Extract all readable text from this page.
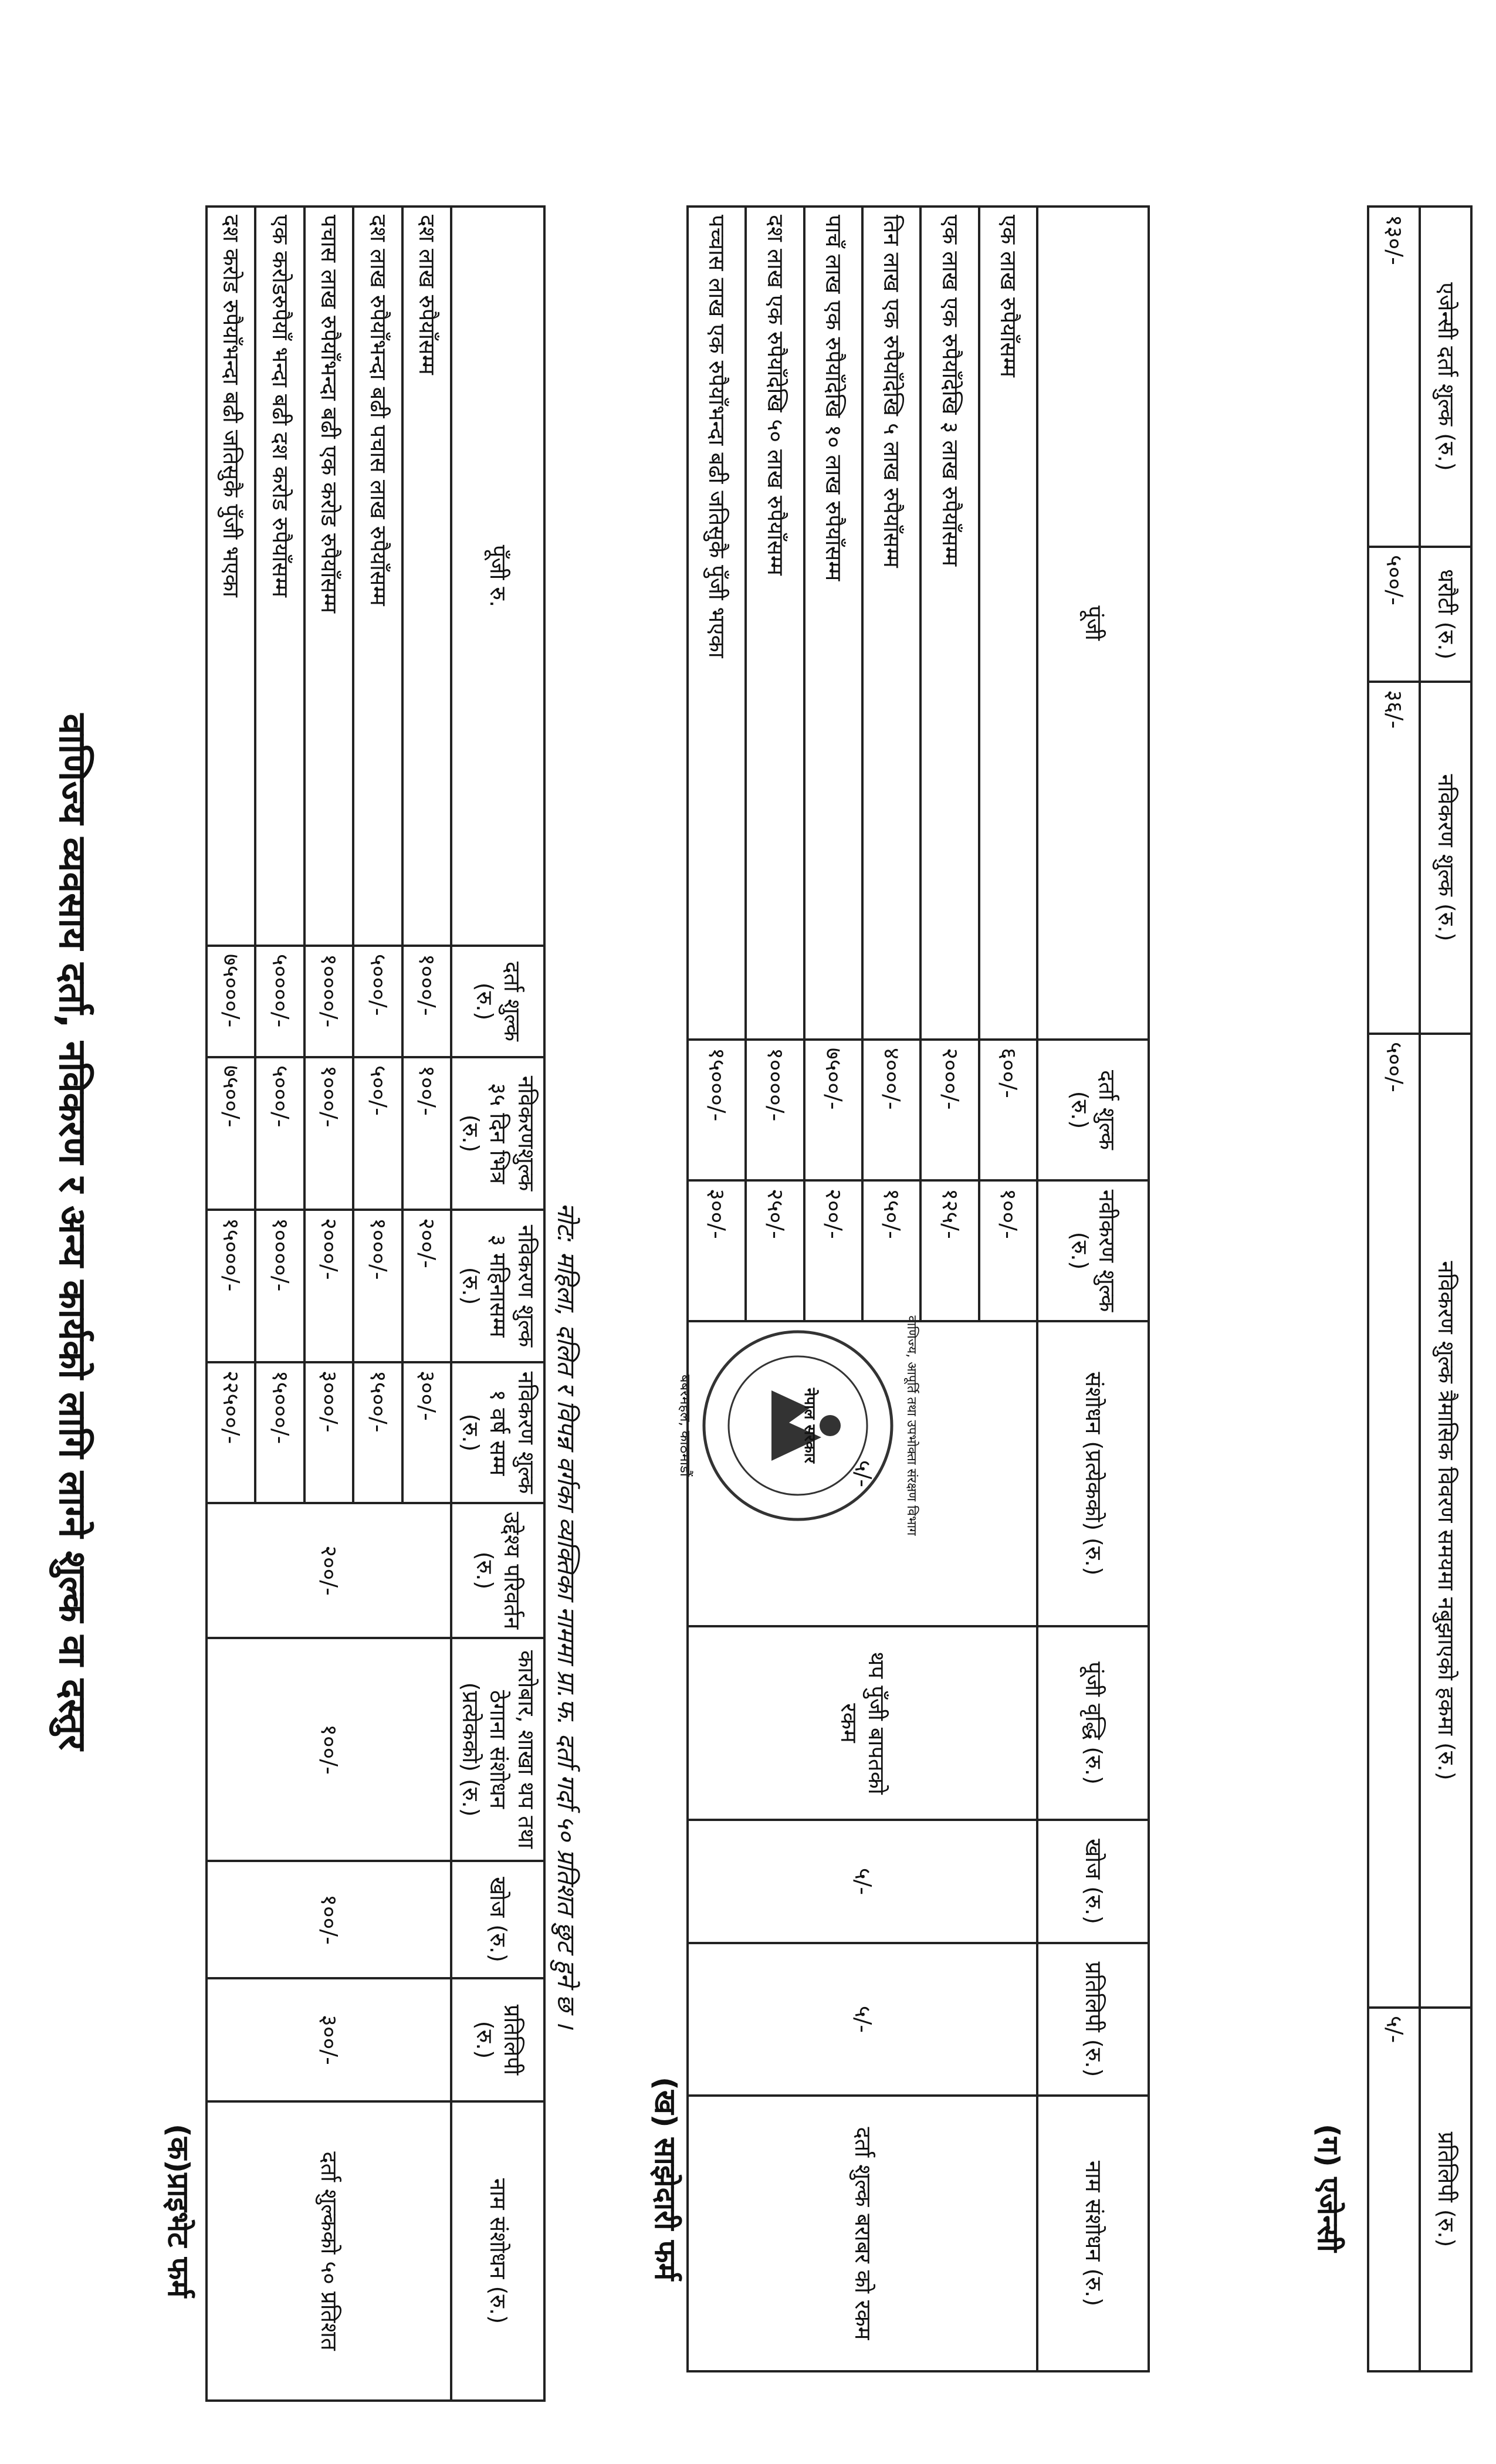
वाणिज्य व्यवसाय दर्ता, नविकरण र अन्य कार्यको लागि लाग्ने शुल्क वा दस्तुर
(क)प्राइभेट फर्म
पूँजी रु.	दर्ता शुल्क (रु.)	नविकरणशुल्क ३५ दिन भित्र (रु.)	नविकरण शुल्क ३ महिनासम्म (रु.)	नविकरण शुल्क १ वर्ष सम्म (रु.)	उद्देश्य परिवर्तन (रु.)	कारोबार, शाखा थप तथा ठेगाना संशोधन (प्रत्येकको) (रु.)	खोज (रु.)	प्रतिलिपी (रु.)	नाम संशोधन (रु.)
दश लाख रुपैयाँसम्म	१०००/-	१००/-	२००/-	३००/-	२००/-	१००/-	१००/-	३००/-	दर्ता शुल्कको ५० प्रतिशत
दश लाख रुपैयाँभन्दा बढी पचास लाख रुपैयाँसम्म	५०००/-	५००/-	१०००/-	१५००/-					
पचास लाख रुपैयाँभन्दा बढी एक करोड रुपैयाँसम्म	१००००/-	१०००/-	२०००/-	३०००/-					
एक करोडरुपैयाँ भन्दा बढी दश करोड रुपैयाँसम्म	५००००/-	५०००/-	१००००/-	१५०००/-					
दश करोड रुपैयाँभन्दा बढी जतिसुकै पुँजी भएका	७५०००/-	७५००/-	१५०००/-	२२५००/-						नोट: महिला, दलित र विपन्न वर्गका व्यक्तिका नाममा प्रा.फ. दर्ता गर्दा ५० प्रतिशत छुट हुने छ ।	नेपाल सरकार	वाणिज्य, आपूर्ति तथा उपभोक्ता संरक्षण विभाग
बबरमहल, काठमाडौं
(ख) साझेदारी फर्म
पूंजी	दर्ता शुल्क (रु.)	नवीकरण शुल्क (रु.)	संशोधन (प्रत्येकको) (रु.)	पूंजी वृद्धि (रु.)	खोज (रु.)	प्रतिलिपी (रु.)	नाम संशोधन (रु.)
एक लाख रुपैयाँसम्म	६००/-	१००/-	५/-	थप पुँजी बापतको रकम	५/-	५/-	दर्ता शुल्क बराबर को रकम
एक लाख एक रुपैयाँदेखि ३ लाख रुपैयाँसम्म	२०००/-	१२५/-					
तिन लाख एक रुपैयाँदेखि ५ लाख रुपैयाँसम्म	४०००/-	१५०/-					
पाचँ लाख एक रुपैयाँदेखि १० लाख रुपैयाँसम्म	७५००/-	२००/-					
दश लाख एक रुपैयाँदेखि ५० लाख रुपैयाँसम्म	१००००/-	२५०/-					
पच्चास लाख एक रुपैयाँभन्दा बढी जतिसुकै पुँजी भएका	१५०००/-	३००/-					
(ग) एजेन्सी
एजेन्सी दर्ता शुल्क (रु.)	धरौटी (रु.)	नविकरण शुल्क (रु.)	नविकरण शुल्क त्रैमासिक विवरण समयमा नबुझाएको हकमा (रु.)	प्रतिलिपी (रु.)
१३०/-	५००/-	३६/-	५००/-	५/-
